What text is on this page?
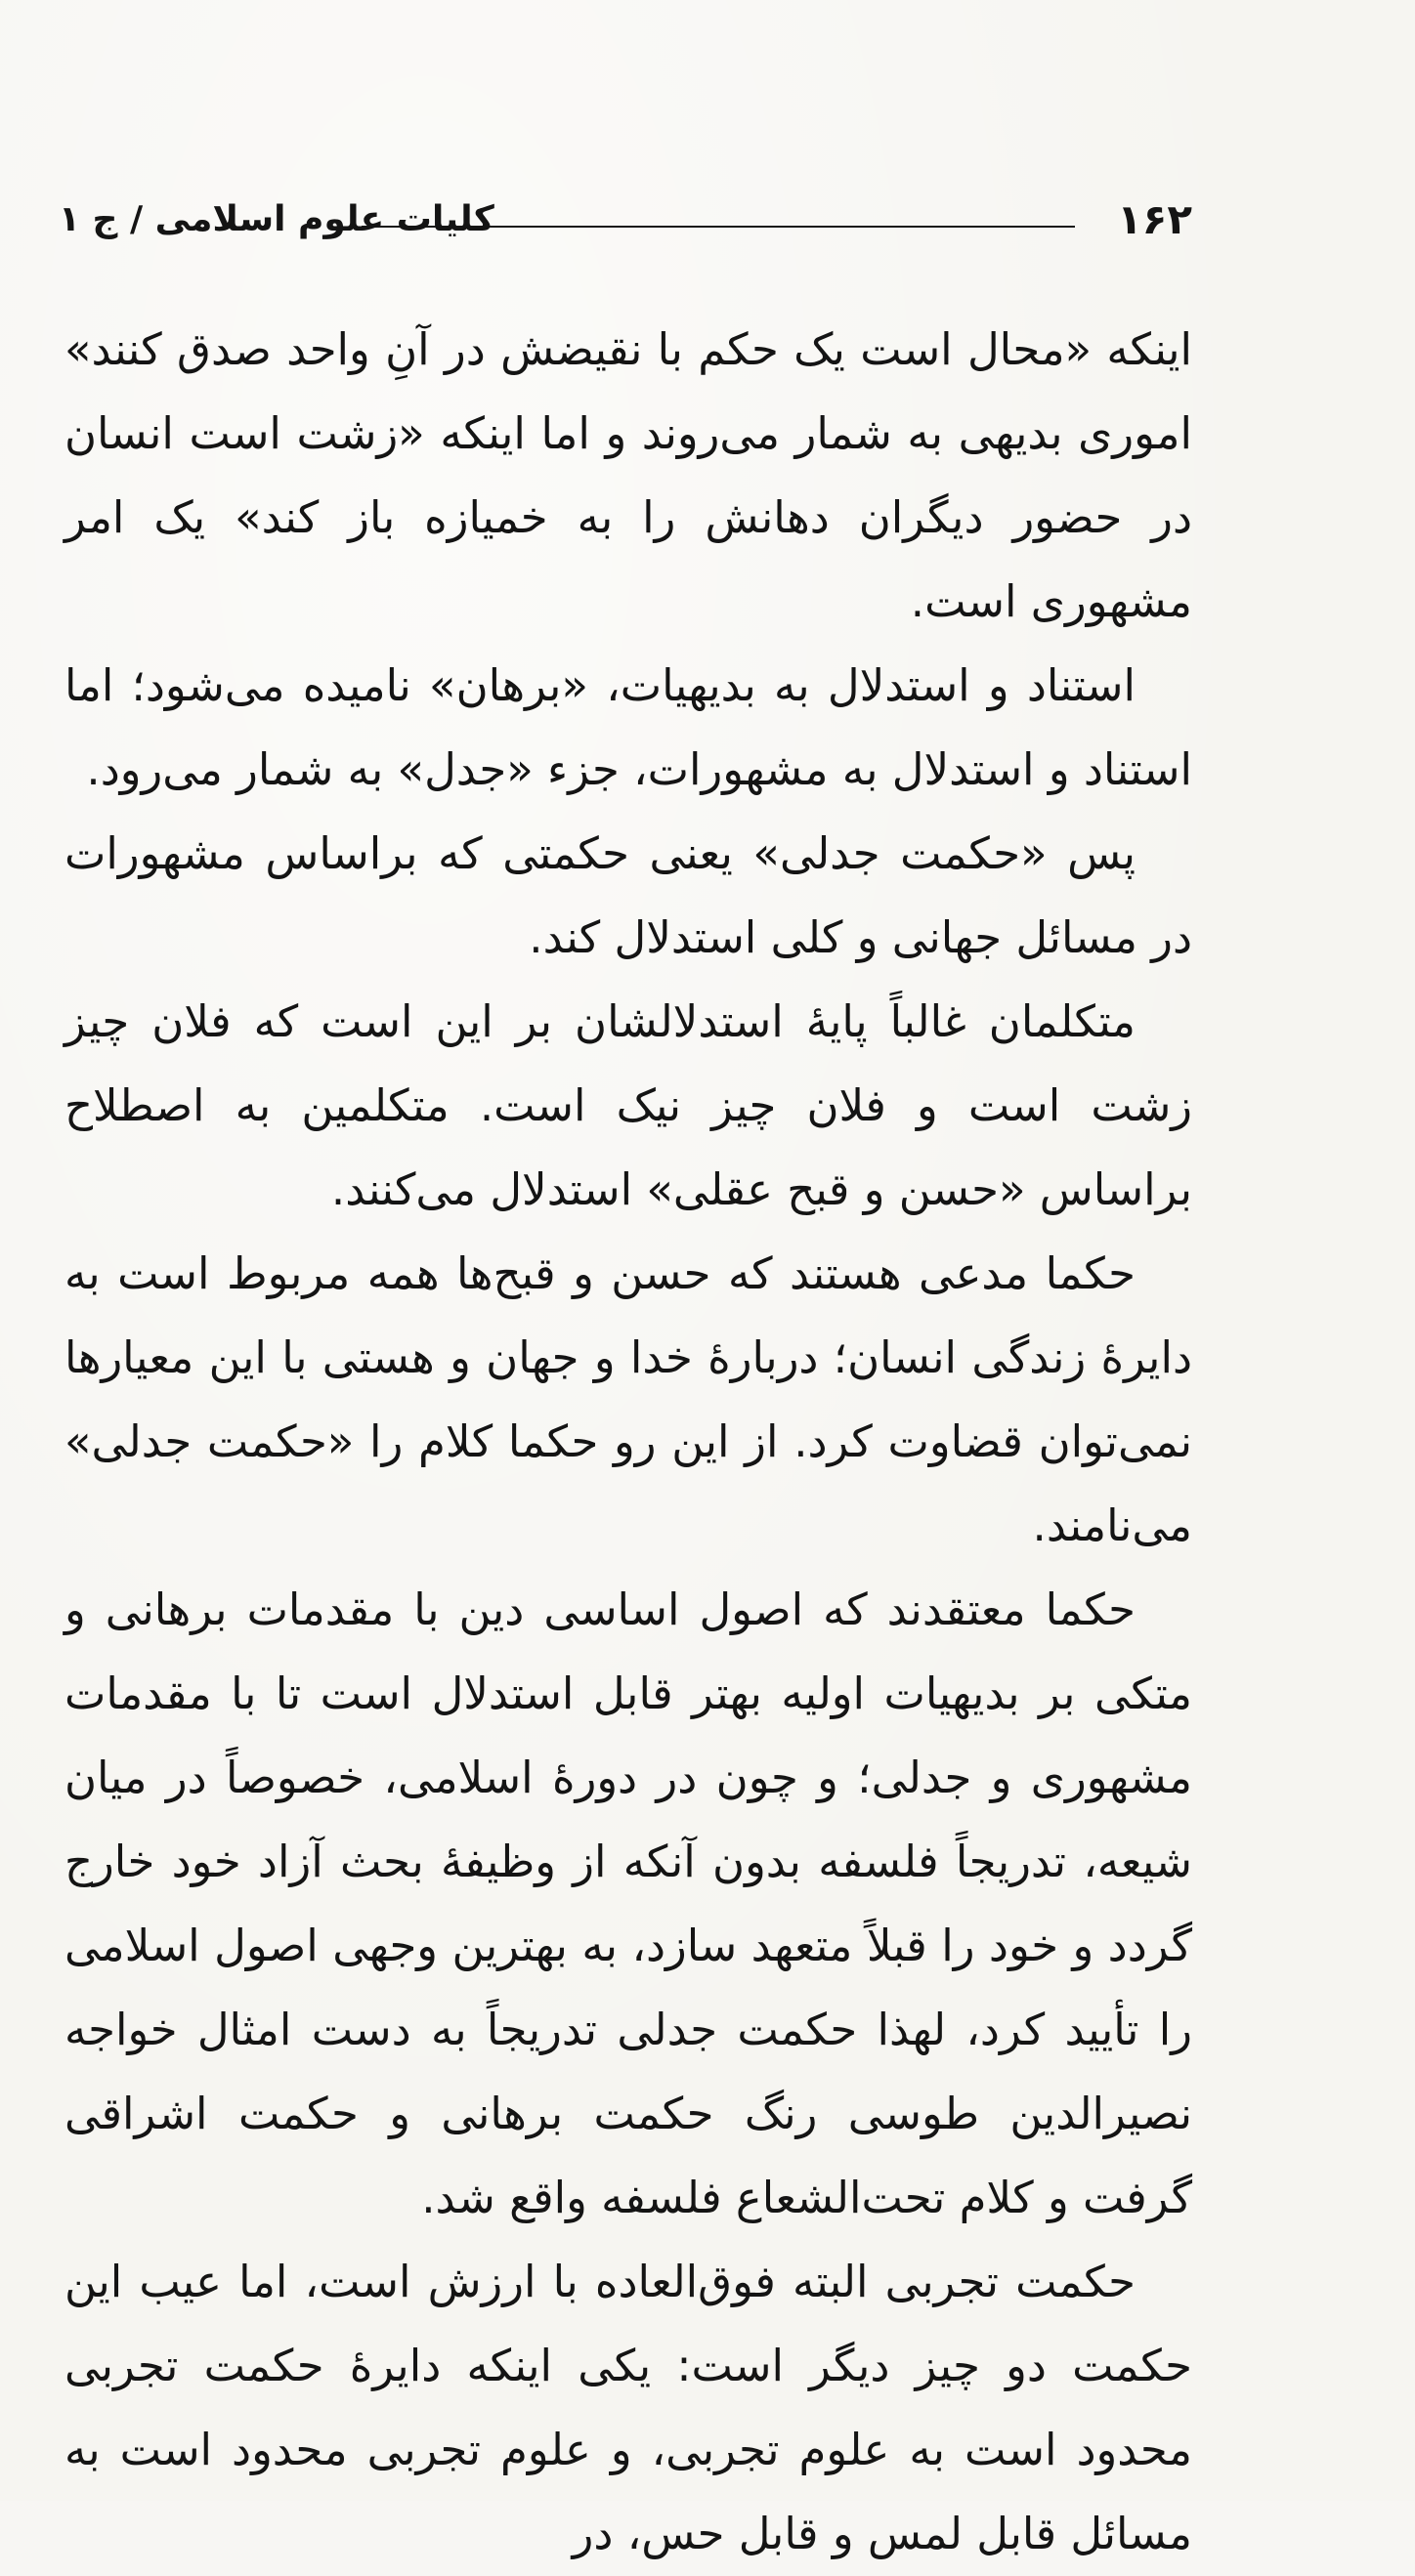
۱۶۲
کلیات علوم اسلامی / ج ۱

اینکه «محال است یک حکم با نقیضش در آنِ واحد صدق کنند» اموری بدیهی به شمار می‌روند و اما اینکه «زشت است انسان در حضور دیگران دهانش را به خمیازه باز کند» یک امر مشهوری است.

استناد و استدلال به بدیهیات، «برهان» نامیده می‌شود؛ اما استناد و استدلال به مشهورات، جزء «جدل» به شمار می‌رود.

پس «حکمت جدلی» یعنی حکمتی که براساس مشهورات در مسائل جهانی و کلی استدلال کند.

متکلمان غالباً پایهٔ استدلالشان بر این است که فلان چیز زشت است و فلان چیز نیک است. متکلمین به اصطلاح براساس «حسن و قبح عقلی» استدلال می‌کنند.

حکما مدعی هستند که حسن و قبح‌ها همه مربوط است به دایرهٔ زندگی انسان؛ دربارهٔ خدا و جهان و هستی با این معیارها نمی‌توان قضاوت کرد. از این رو حکما کلام را «حکمت جدلی» می‌نامند.

حکما معتقدند که اصول اساسی دین با مقدمات برهانی و متکی بر بدیهیات اولیه بهتر قابل استدلال است تا با مقدمات مشهوری و جدلی؛ و چون در دورهٔ اسلامی، خصوصاً در میان شیعه، تدریجاً فلسفه بدون آنکه از وظیفهٔ بحث آزاد خود خارج گردد و خود را قبلاً متعهد سازد، به بهترین وجهی اصول اسلامی را تأیید کرد، لهذا حکمت جدلی تدریجاً به دست امثال خواجه نصیرالدین طوسی رنگ حکمت برهانی و حکمت اشراقی گرفت و کلام تحت‌الشعاع فلسفه واقع شد.

حکمت تجربی البته فوق‌العاده با ارزش است، اما عیب این حکمت دو چیز دیگر است: یکی اینکه دایرهٔ حکمت تجربی محدود است به علوم تجربی، و علوم تجربی محدود است به مسائل قابل لمس و قابل حس، در
